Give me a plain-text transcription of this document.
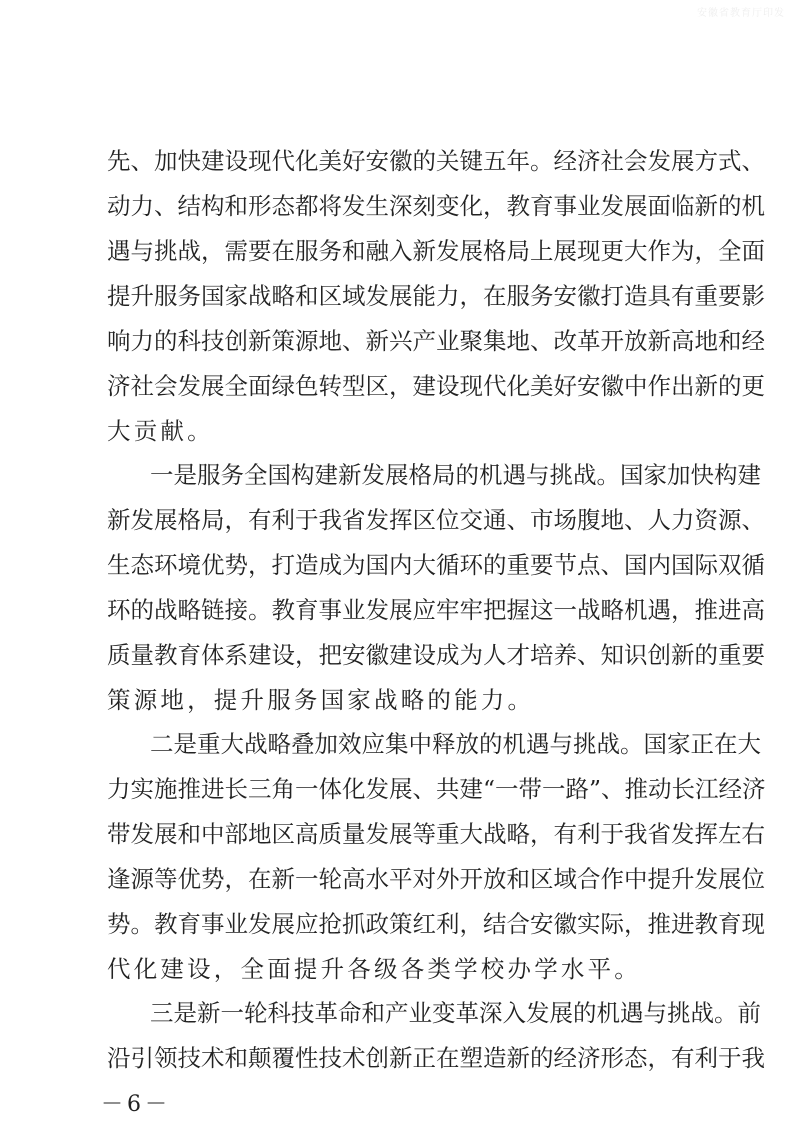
安徽省教育厅印发
先 、 加 快 建 设 现 代 化 美 好 安 徽 的 关 键 五 年 。 经 济 社 会 发 展 方 式 、
动 力 、 结 构 和 形 态 都 将 发 生 深 刻 变 化 ， 教 育 事 业 发 展 面 临 新 的 机
遇 与 挑 战 ， 需 要 在 服 务 和 融 入 新 发 展 格 局 上 展 现 更 大 作 为 ， 全 面
提 升 服 务 国 家 战 略 和 区 域 发 展 能 力 ， 在 服 务 安 徽 打 造 具 有 重 要 影
响 力 的 科 技 创 新 策 源 地 、 新 兴 产 业 聚 集 地 、 改 革 开 放 新 高 地 和 经
济 社 会 发 展 全 面 绿 色 转 型 区 ， 建 设 现 代 化 美 好 安 徽 中 作 出 新 的 更
大贡献。
一 是 服 务 全 国 构 建 新 发 展 格 局 的 机 遇 与 挑 战 。 国 家 加 快 构 建
新 发 展 格 局 ， 有 利 于 我 省 发 挥 区 位 交 通 、 市 场 腹 地 、 人 力 资 源 、
生 态 环 境 优 势 ， 打 造 成 为 国 内 大 循 环 的 重 要 节 点 、 国 内 国 际 双 循
环 的 战 略 链 接 。 教 育 事 业 发 展 应 牢 牢 把 握 这 一 战 略 机 遇 ， 推 进 高
质 量 教 育 体 系 建 设 ， 把 安 徽 建 设 成 为 人 才 培 养 、 知 识 创 新 的 重 要
策源地，提升服务国家战略的能力。
二 是 重 大 战 略 叠 加 效 应 集 中 释 放 的 机 遇 与 挑 战 。 国 家 正 在 大
力 实 施 推 进 长 三 角 一 体 化 发 展 、 共 建 “ 一 带 一 路 ” 、 推 动 长 江 经 济
带 发 展 和 中 部 地 区 高 质 量 发 展 等 重 大 战 略 ， 有 利 于 我 省 发 挥 左 右
逢 源 等 优 势 ， 在 新 一 轮 高 水 平 对 外 开 放 和 区 域 合 作 中 提 升 发 展 位
势 。 教 育 事 业 发 展 应 抢 抓 政 策 红 利 ， 结 合 安 徽 实 际 ， 推 进 教 育 现
代化建设，全面提升各级各类学校办学水平。
三 是 新 一 轮 科 技 革 命 和 产 业 变 革 深 入 发 展 的 机 遇 与 挑 战 。 前
沿 引 领 技 术 和 颠 覆 性 技 术 创 新 正 在 塑 造 新 的 经 济 形 态 ， 有 利 于 我
－6－
